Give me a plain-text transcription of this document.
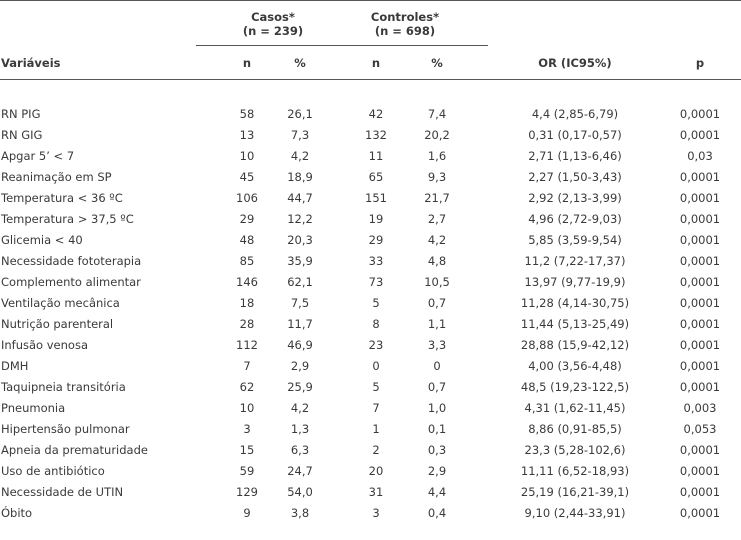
Casos*
(n = 239)
Controles*
(n = 698)
Variáveis	n	%	n	%	OR (IC95%)	p
RN PIG	58	26,1	42	7,4	4,4 (2,85-6,79)	0,0001
RN GIG	13	7,3	132	20,2	0,31 (0,17-0,57)	0,0001
Apgar 5’ < 7	10	4,2	11	1,6	2,71 (1,13-6,46)	0,03
Reanimação em SP	45	18,9	65	9,3	2,27 (1,50-3,43)	0,0001
Temperatura < 36 ºC	106	44,7	151	21,7	2,92 (2,13-3,99)	0,0001
Temperatura > 37,5 ºC	29	12,2	19	2,7	4,96 (2,72-9,03)	0,0001
Glicemia < 40	48	20,3	29	4,2	5,85 (3,59-9,54)	0,0001
Necessidade fototerapia	85	35,9	33	4,8	11,2 (7,22-17,37)	0,0001
Complemento alimentar	146	62,1	73	10,5	13,97 (9,77-19,9)	0,0001
Ventilação mecânica	18	7,5	5	0,7	11,28 (4,14-30,75)	0,0001
Nutrição parenteral	28	11,7	8	1,1	11,44 (5,13-25,49)	0,0001
Infusão venosa	112	46,9	23	3,3	28,88 (15,9-42,12)	0,0001
DMH	7	2,9	0	0	4,00 (3,56-4,48)	0,0001
Taquipneia transitória	62	25,9	5	0,7	48,5 (19,23-122,5)	0,0001
Pneumonia	10	4,2	7	1,0	4,31 (1,62-11,45)	0,003
Hipertensão pulmonar	3	1,3	1	0,1	8,86 (0,91-85,5)	0,053
Apneia da prematuridade	15	6,3	2	0,3	23,3 (5,28-102,6)	0,0001
Uso de antibiótico	59	24,7	20	2,9	11,11 (6,52-18,93)	0,0001
Necessidade de UTIN	129	54,0	31	4,4	25,19 (16,21-39,1)	0,0001
Óbito	9	3,8	3	0,4	9,10 (2,44-33,91)	0,0001
